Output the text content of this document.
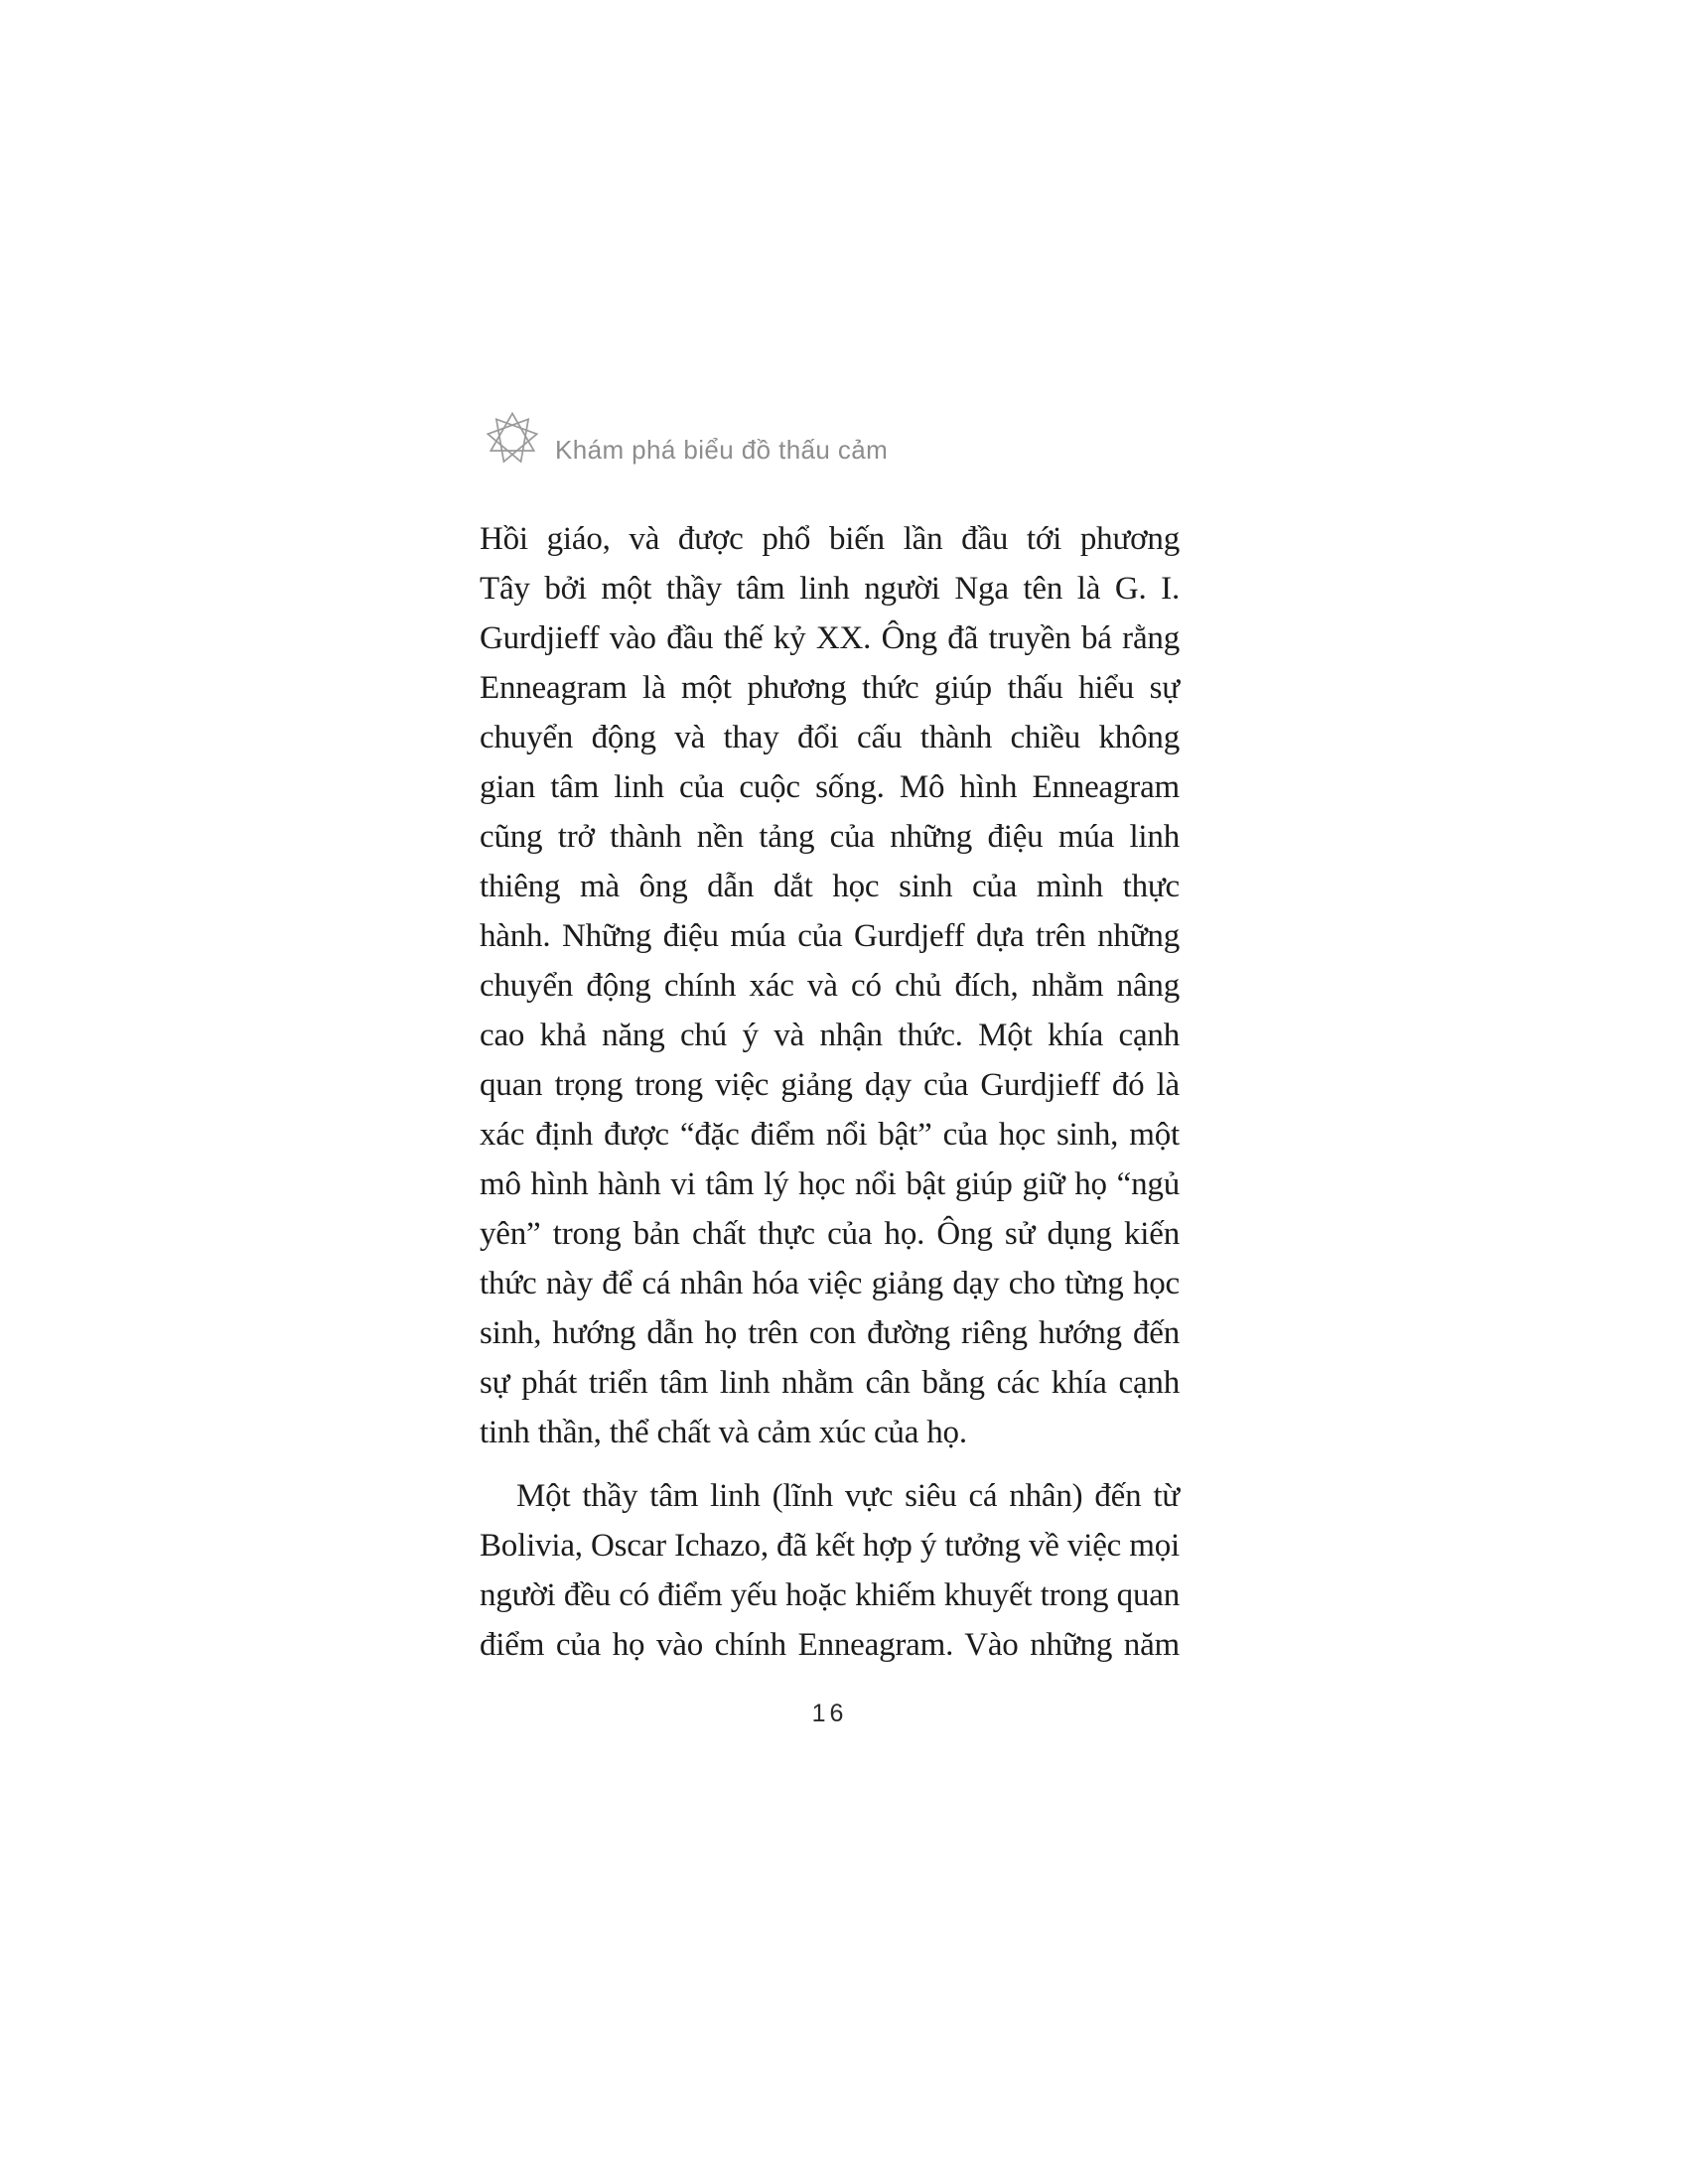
Khám phá biểu đồ thấu cảm
Hồi giáo, và được phổ biến lần đầu tới phương
Tây bởi một thầy tâm linh người Nga tên là G. I.
Gurdjieff vào đầu thế kỷ XX. Ông đã truyền bá rằng
Enneagram là một phương thức giúp thấu hiểu sự
chuyển động và thay đổi cấu thành chiều không
gian tâm linh của cuộc sống. Mô hình Enneagram
cũng trở thành nền tảng của những điệu múa linh
thiêng mà ông dẫn dắt học sinh của mình thực
hành. Những điệu múa của Gurdjeff dựa trên những
chuyển động chính xác và có chủ đích, nhằm nâng
cao khả năng chú ý và nhận thức. Một khía cạnh
quan trọng trong việc giảng dạy của Gurdjieff đó là
xác định được “đặc điểm nổi bật” của học sinh, một
mô hình hành vi tâm lý học nổi bật giúp giữ họ “ngủ
yên” trong bản chất thực của họ. Ông sử dụng kiến
thức này để cá nhân hóa việc giảng dạy cho từng học
sinh, hướng dẫn họ trên con đường riêng hướng đến
sự phát triển tâm linh nhằm cân bằng các khía cạnh
tinh thần, thể chất và cảm xúc của họ.
Một thầy tâm linh (lĩnh vực siêu cá nhân) đến từ
Bolivia, Oscar Ichazo, đã kết hợp ý tưởng về việc mọi
người đều có điểm yếu hoặc khiếm khuyết trong quan
điểm của họ vào chính Enneagram. Vào những năm
16
